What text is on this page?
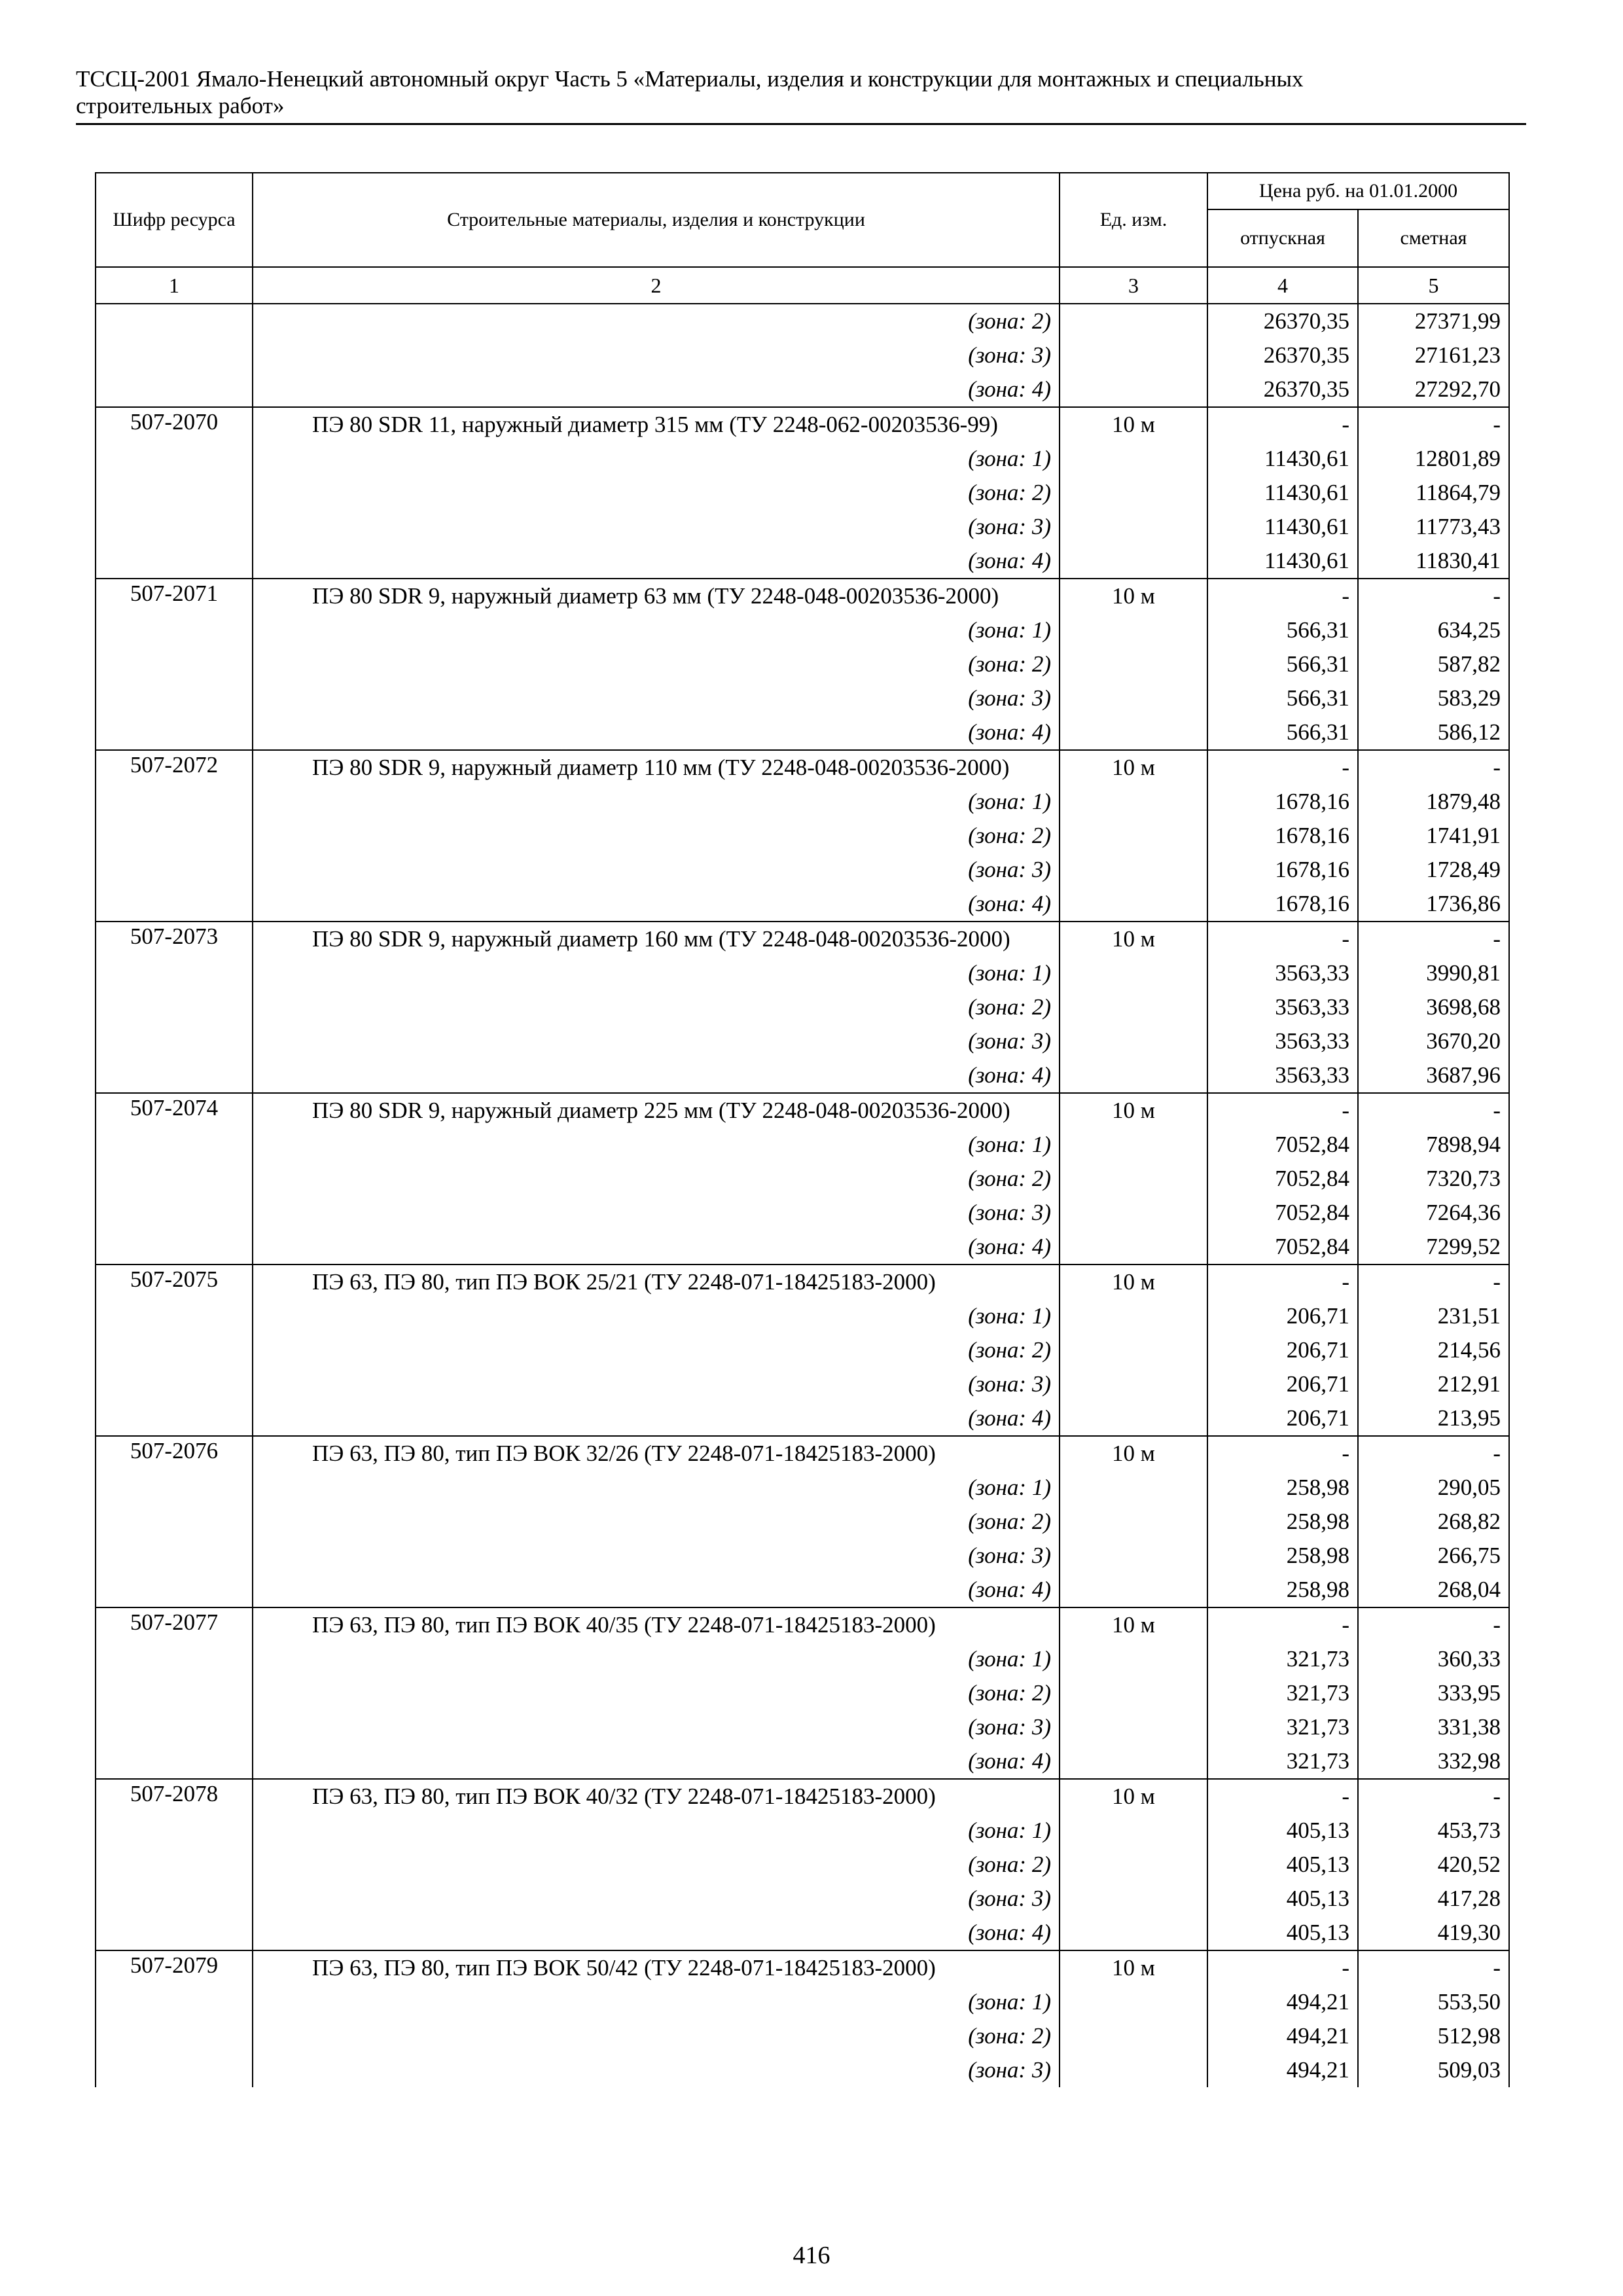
ТССЦ-2001 Ямало-Ненецкий автономный округ Часть 5 «Материалы, изделия и конструкции для монтажных и специальных
строительных работ»
Шифр ресурса	Строительные материалы, изделия и конструкции	Ед. изм.	Цена руб. на 01.01.2000	
			отпускная	сметная
1	2	3	4	5
	(зона: 2)		26370,35	27371,99
	(зона: 3)		26370,35	27161,23
	(зона: 4)		26370,35	27292,70
507-2070	ПЭ 80 SDR 11, наружный диаметр 315 мм (ТУ 2248-062-00203536-99)	10 м	-	-
	(зона: 1)		11430,61	12801,89
	(зона: 2)		11430,61	11864,79
	(зона: 3)		11430,61	11773,43
	(зона: 4)		11430,61	11830,41
507-2071	ПЭ 80 SDR 9, наружный диаметр 63 мм (ТУ 2248-048-00203536-2000)	10 м	-	-
	(зона: 1)		566,31	634,25
	(зона: 2)		566,31	587,82
	(зона: 3)		566,31	583,29
	(зона: 4)		566,31	586,12
507-2072	ПЭ 80 SDR 9, наружный диаметр 110 мм (ТУ 2248-048-00203536-2000)	10 м	-	-
	(зона: 1)		1678,16	1879,48
	(зона: 2)		1678,16	1741,91
	(зона: 3)		1678,16	1728,49
	(зона: 4)		1678,16	1736,86
507-2073	ПЭ 80 SDR 9, наружный диаметр 160 мм (ТУ 2248-048-00203536-2000)	10 м	-	-
	(зона: 1)		3563,33	3990,81
	(зона: 2)		3563,33	3698,68
	(зона: 3)		3563,33	3670,20
	(зона: 4)		3563,33	3687,96
507-2074	ПЭ 80 SDR 9, наружный диаметр 225 мм (ТУ 2248-048-00203536-2000)	10 м	-	-
	(зона: 1)		7052,84	7898,94
	(зона: 2)		7052,84	7320,73
	(зона: 3)		7052,84	7264,36
	(зона: 4)		7052,84	7299,52
507-2075	ПЭ 63, ПЭ 80, тип ПЭ ВОК 25/21 (ТУ 2248-071-18425183-2000)	10 м	-	-
	(зона: 1)		206,71	231,51
	(зона: 2)		206,71	214,56
	(зона: 3)		206,71	212,91
	(зона: 4)		206,71	213,95
507-2076	ПЭ 63, ПЭ 80, тип ПЭ ВОК 32/26 (ТУ 2248-071-18425183-2000)	10 м	-	-
	(зона: 1)		258,98	290,05
	(зона: 2)		258,98	268,82
	(зона: 3)		258,98	266,75
	(зона: 4)		258,98	268,04
507-2077	ПЭ 63, ПЭ 80, тип ПЭ ВОК 40/35 (ТУ 2248-071-18425183-2000)	10 м	-	-
	(зона: 1)		321,73	360,33
	(зона: 2)		321,73	333,95
	(зона: 3)		321,73	331,38
	(зона: 4)		321,73	332,98
507-2078	ПЭ 63, ПЭ 80, тип ПЭ ВОК 40/32 (ТУ 2248-071-18425183-2000)	10 м	-	-
	(зона: 1)		405,13	453,73
	(зона: 2)		405,13	420,52
	(зона: 3)		405,13	417,28
	(зона: 4)		405,13	419,30
507-2079	ПЭ 63, ПЭ 80, тип ПЭ ВОК 50/42 (ТУ 2248-071-18425183-2000)	10 м	-	-
	(зона: 1)		494,21	553,50
	(зона: 2)		494,21	512,98
	(зона: 3)		494,21	509,03
416
